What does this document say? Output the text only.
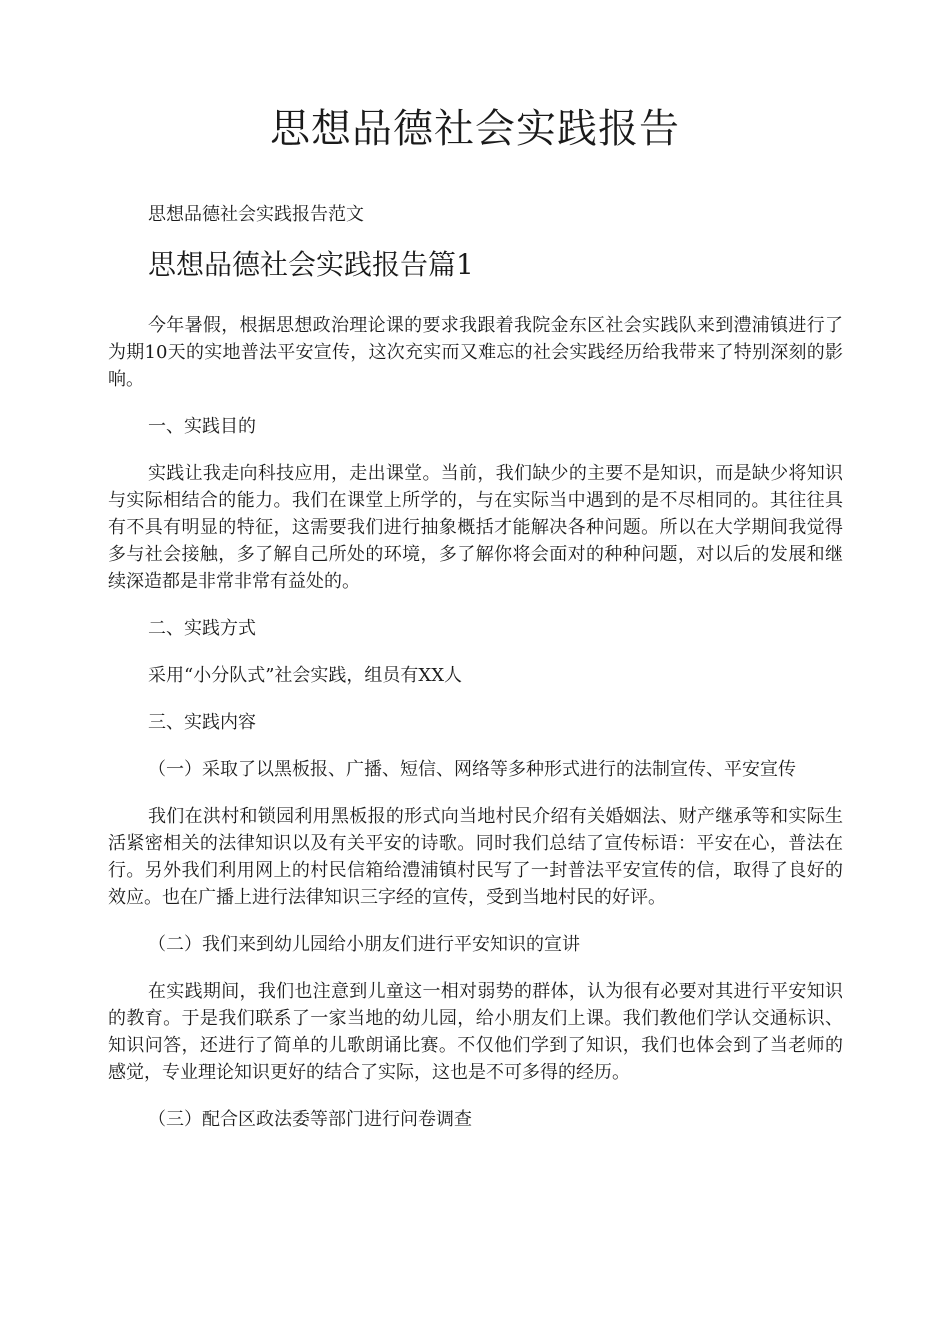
思想品德社会实践报告

思想品德社会实践报告范文

思想品德社会实践报告篇1

今年暑假，根据思想政治理论课的要求我跟着我院金东区社会实践队来到澧浦镇进行了为期10天的实地普法平安宣传，这次充实而又难忘的社会实践经历给我带来了特别深刻的影响。

一、实践目的

实践让我走向科技应用，走出课堂。当前，我们缺少的主要不是知识，而是缺少将知识与实际相结合的能力。我们在课堂上所学的，与在实际当中遇到的是不尽相同的。其往往具有不具有明显的特征，这需要我们进行抽象概括才能解决各种问题。所以在大学期间我觉得多与社会接触，多了解自己所处的环境，多了解你将会面对的种种问题，对以后的发展和继续深造都是非常非常有益处的。

二、实践方式

采用“小分队式”社会实践，组员有XX人

三、实践内容

（一）采取了以黑板报、广播、短信、网络等多种形式进行的法制宣传、平安宣传

我们在洪村和锁园利用黑板报的形式向当地村民介绍有关婚姻法、财产继承等和实际生活紧密相关的法律知识以及有关平安的诗歌。同时我们总结了宣传标语：平安在心，普法在行。另外我们利用网上的村民信箱给澧浦镇村民写了一封普法平安宣传的信，取得了良好的效应。也在广播上进行法律知识三字经的宣传，受到当地村民的好评。

（二）我们来到幼儿园给小朋友们进行平安知识的宣讲

在实践期间，我们也注意到儿童这一相对弱势的群体，认为很有必要对其进行平安知识的教育。于是我们联系了一家当地的幼儿园，给小朋友们上课。我们教他们学认交通标识、知识问答，还进行了简单的儿歌朗诵比赛。不仅他们学到了知识，我们也体会到了当老师的感觉，专业理论知识更好的结合了实际，这也是不可多得的经历。

（三）配合区政法委等部门进行问卷调查
